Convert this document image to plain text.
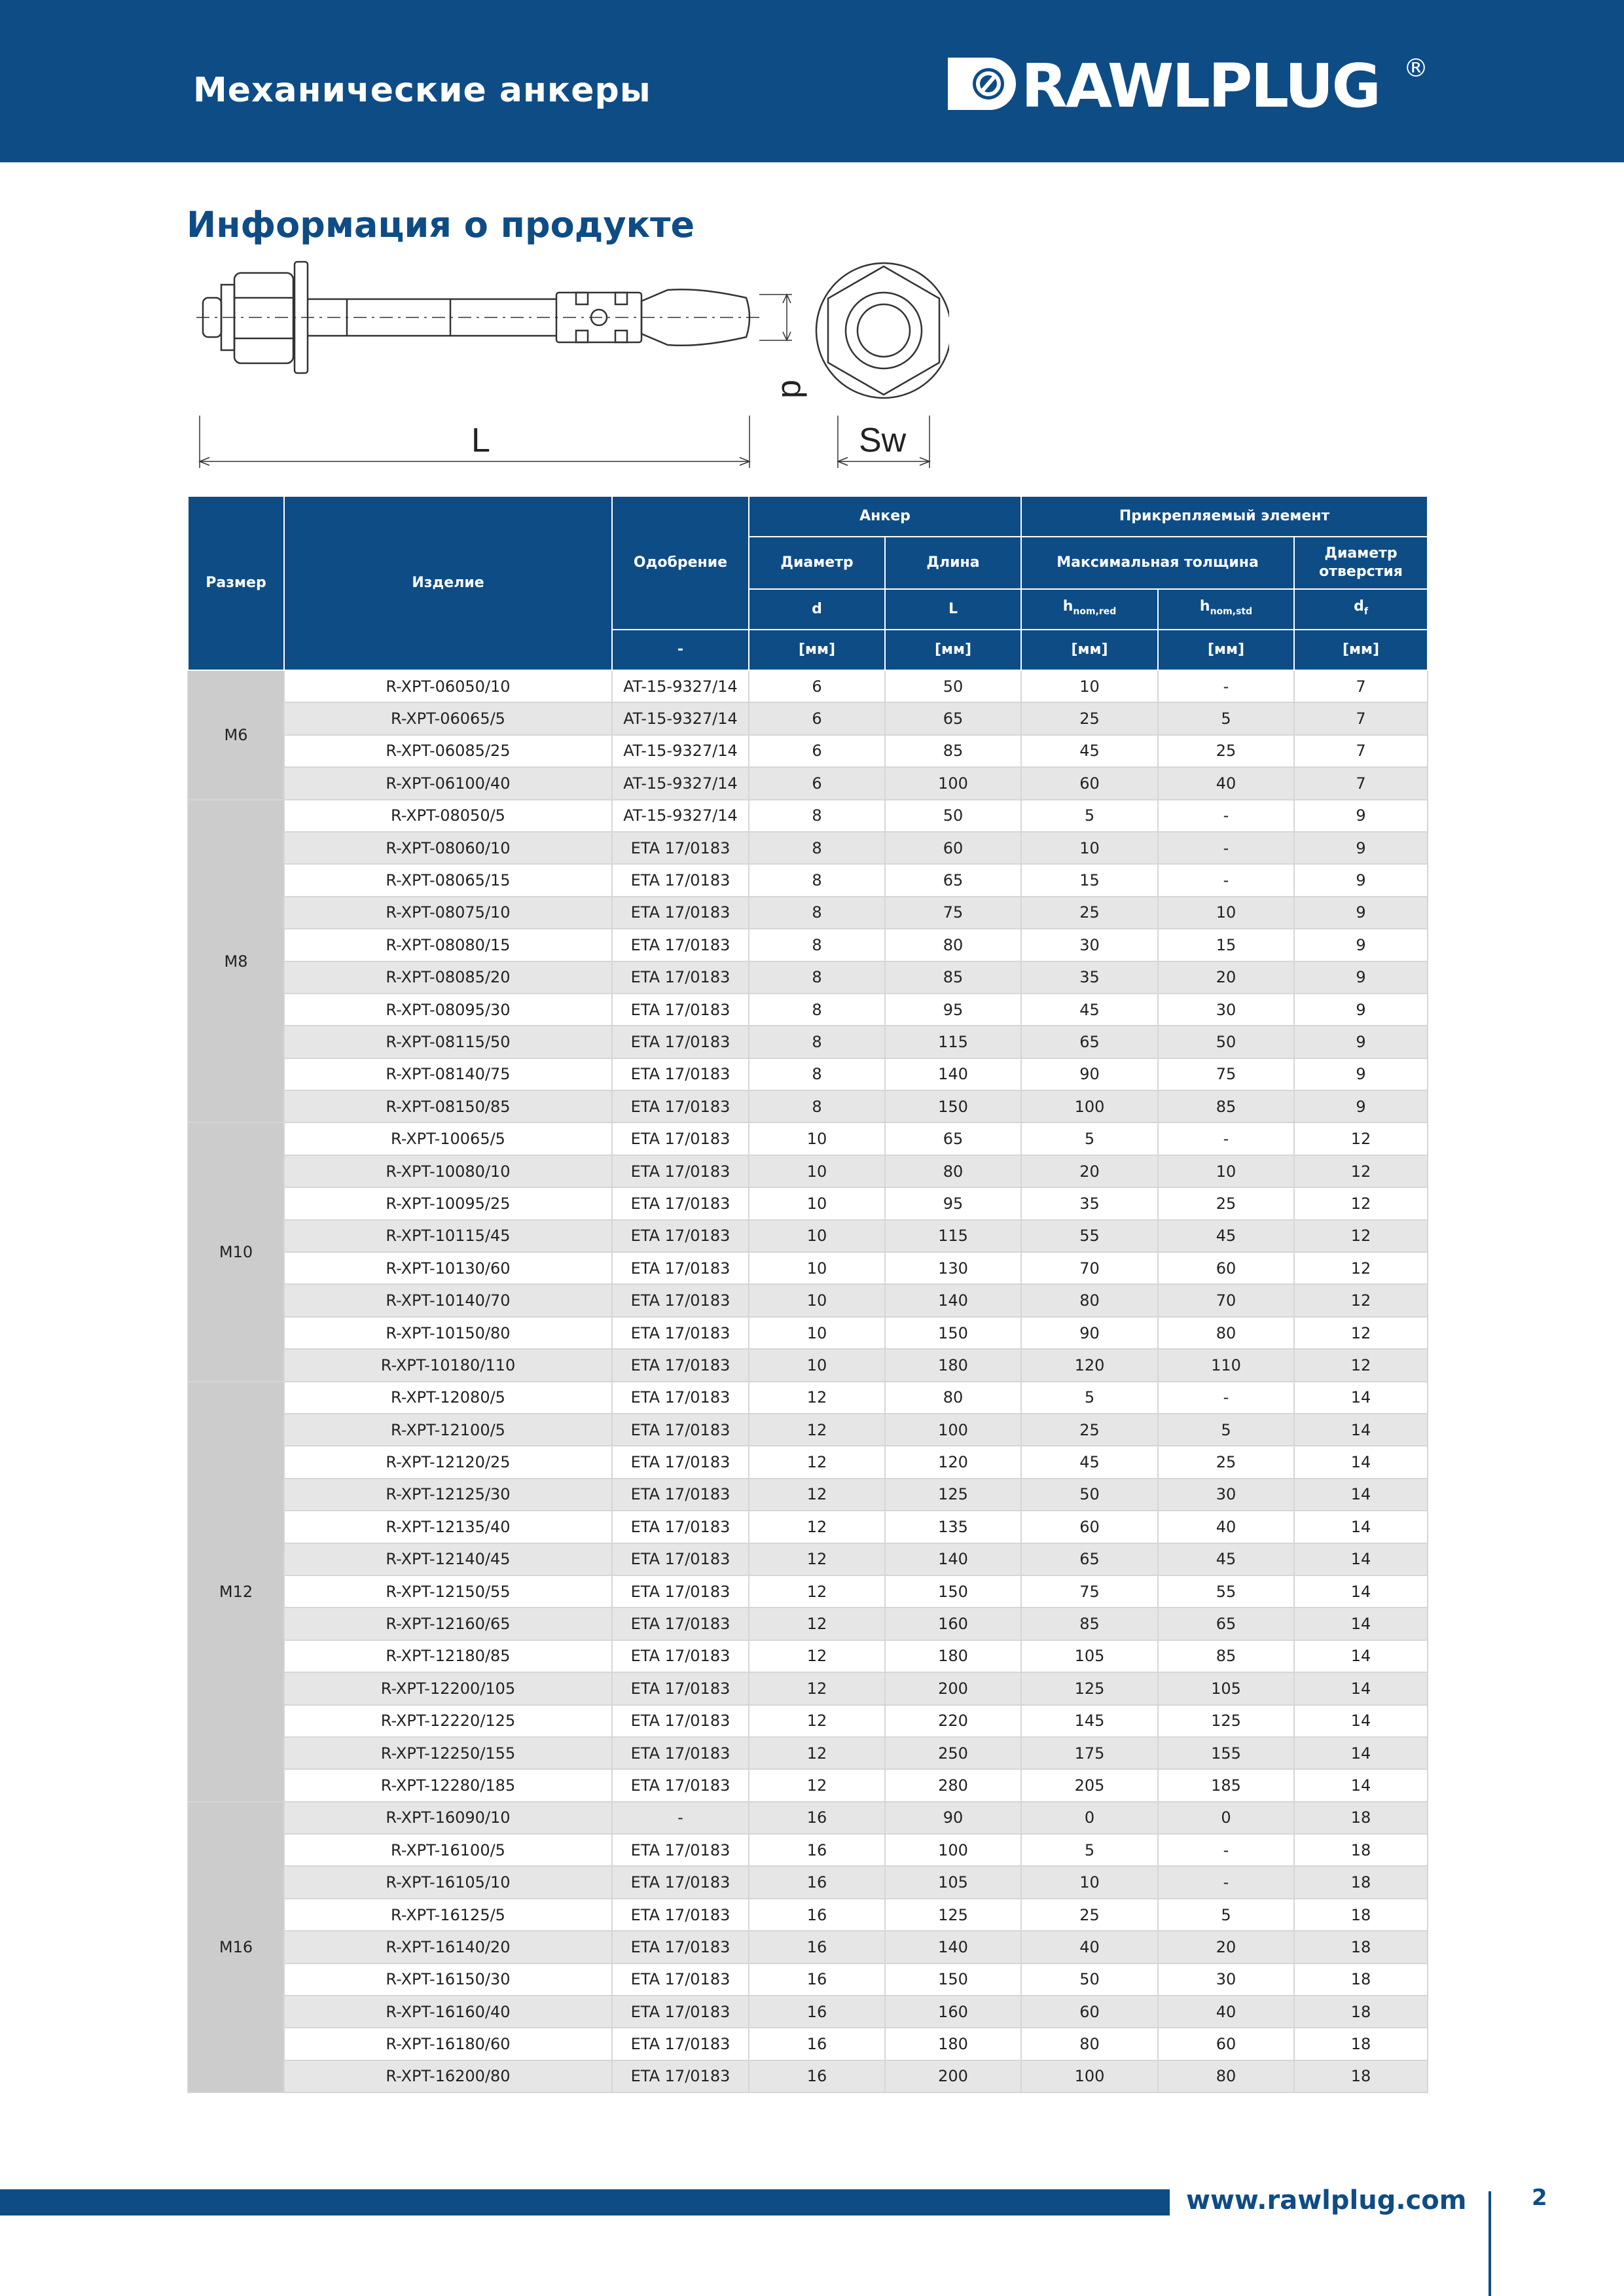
Механические анкеры	RAWLPLUG ®
Информация о продукте
L
d
Sw
Размер	Изделие	Одобрение	Анкер		Прикрепляемый элемент		
			Диаметр	Длина	Максимальная толщина		Диаметр отверстия
			d	L	$h_{nom,red}$	$h_{nom,std}$	$d_f$
		-	[мм]	[мм]	[мм]	[мм]	[мм]
M6	R-XPT-06050/10	AT-15-9327/14	6	50	10	-	7
	R-XPT-06065/5	AT-15-9327/14	6	65	25	5	7
	R-XPT-06085/25	AT-15-9327/14	6	85	45	25	7
	R-XPT-06100/40	AT-15-9327/14	6	100	60	40	7
M8	R-XPT-08050/5	AT-15-9327/14	8	50	5	-	9
	R-XPT-08060/10	ETA 17/0183	8	60	10	-	9
	R-XPT-08065/15	ETA 17/0183	8	65	15	-	9
	R-XPT-08075/10	ETA 17/0183	8	75	25	10	9
	R-XPT-08080/15	ETA 17/0183	8	80	30	15	9
	R-XPT-08085/20	ETA 17/0183	8	85	35	20	9
	R-XPT-08095/30	ETA 17/0183	8	95	45	30	9
	R-XPT-08115/50	ETA 17/0183	8	115	65	50	9
	R-XPT-08140/75	ETA 17/0183	8	140	90	75	9
	R-XPT-08150/85	ETA 17/0183	8	150	100	85	9
M10	R-XPT-10065/5	ETA 17/0183	10	65	5	-	12
	R-XPT-10080/10	ETA 17/0183	10	80	20	10	12
	R-XPT-10095/25	ETA 17/0183	10	95	35	25	12
	R-XPT-10115/45	ETA 17/0183	10	115	55	45	12
	R-XPT-10130/60	ETA 17/0183	10	130	70	60	12
	R-XPT-10140/70	ETA 17/0183	10	140	80	70	12
	R-XPT-10150/80	ETA 17/0183	10	150	90	80	12
	R-XPT-10180/110	ETA 17/0183	10	180	120	110	12
M12	R-XPT-12080/5	ETA 17/0183	12	80	5	-	14
	R-XPT-12100/5	ETA 17/0183	12	100	25	5	14
	R-XPT-12120/25	ETA 17/0183	12	120	45	25	14
	R-XPT-12125/30	ETA 17/0183	12	125	50	30	14
	R-XPT-12135/40	ETA 17/0183	12	135	60	40	14
	R-XPT-12140/45	ETA 17/0183	12	140	65	45	14
	R-XPT-12150/55	ETA 17/0183	12	150	75	55	14
	R-XPT-12160/65	ETA 17/0183	12	160	85	65	14
	R-XPT-12180/85	ETA 17/0183	12	180	105	85	14
	R-XPT-12200/105	ETA 17/0183	12	200	125	105	14
	R-XPT-12220/125	ETA 17/0183	12	220	145	125	14
	R-XPT-12250/155	ETA 17/0183	12	250	175	155	14
	R-XPT-12280/185	ETA 17/0183	12	280	205	185	14
M16	R-XPT-16090/10	-	16	90	0	0	18
	R-XPT-16100/5	ETA 17/0183	16	100	5	-	18
	R-XPT-16105/10	ETA 17/0183	16	105	10	-	18
	R-XPT-16125/5	ETA 17/0183	16	125	25	5	18
	R-XPT-16140/20	ETA 17/0183	16	140	40	20	18
	R-XPT-16150/30	ETA 17/0183	16	150	50	30	18
	R-XPT-16160/40	ETA 17/0183	16	160	60	40	18
	R-XPT-16180/60	ETA 17/0183	16	180	80	60	18
	R-XPT-16200/80	ETA 17/0183	16	200	100	80	18
www.rawlplug.com	2
